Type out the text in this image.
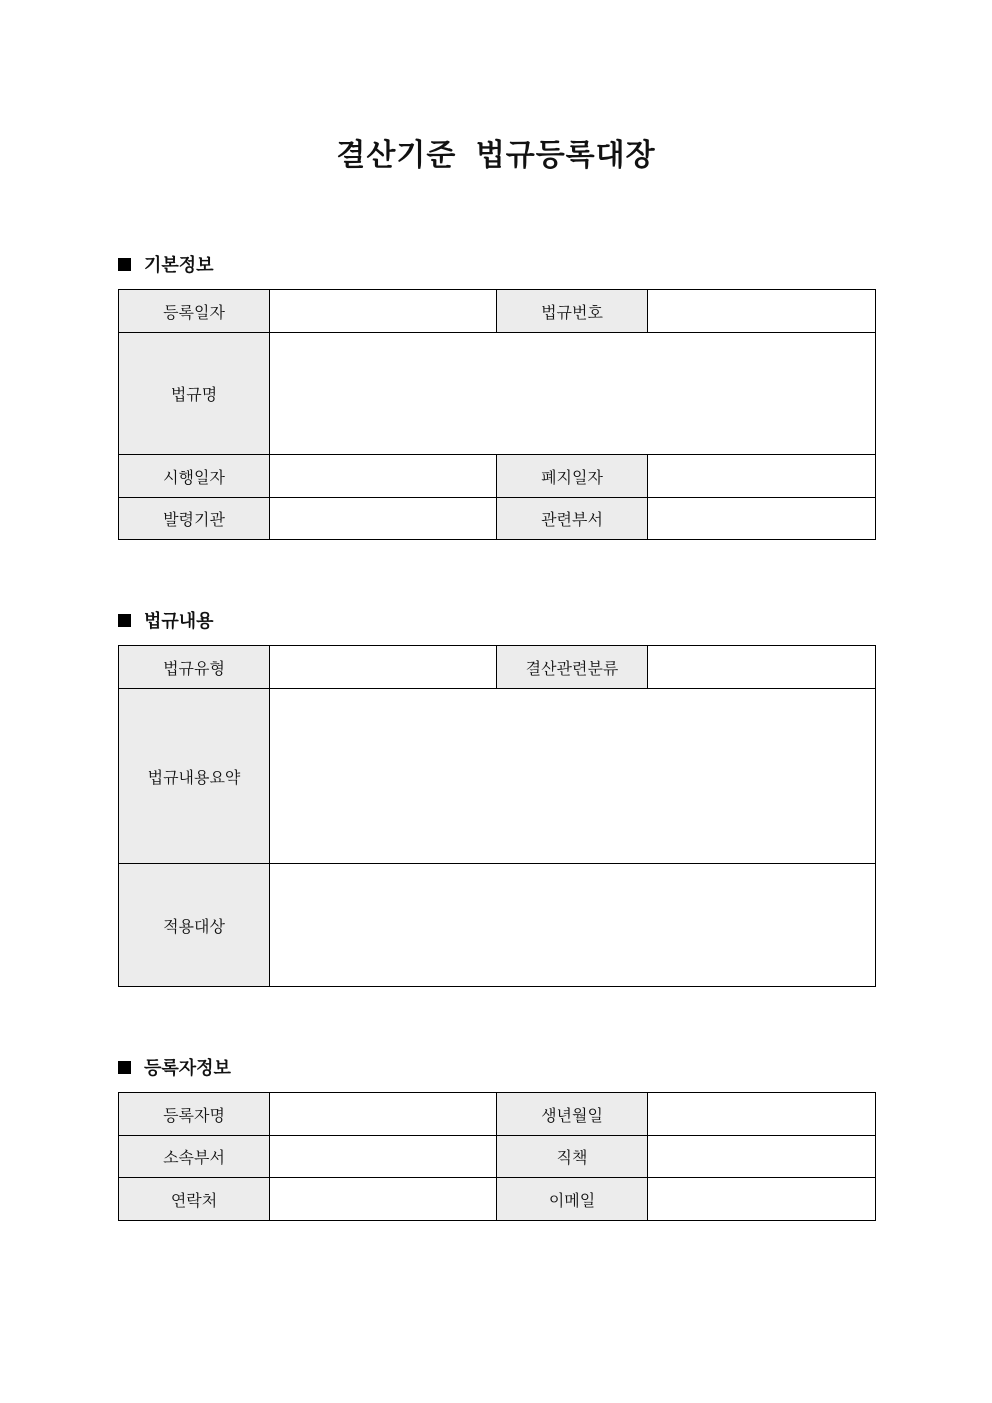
결산기준 법규등록대장
기본정보
등록일자		법규번호	
법규명			
시행일자		폐지일자	
발령기관		관련부서	
법규내용
법규유형		결산관련분류	
법규내용요약			
적용대상			
등록자정보
등록자명		생년월일	
소속부서		직책	
연락처		이메일	
